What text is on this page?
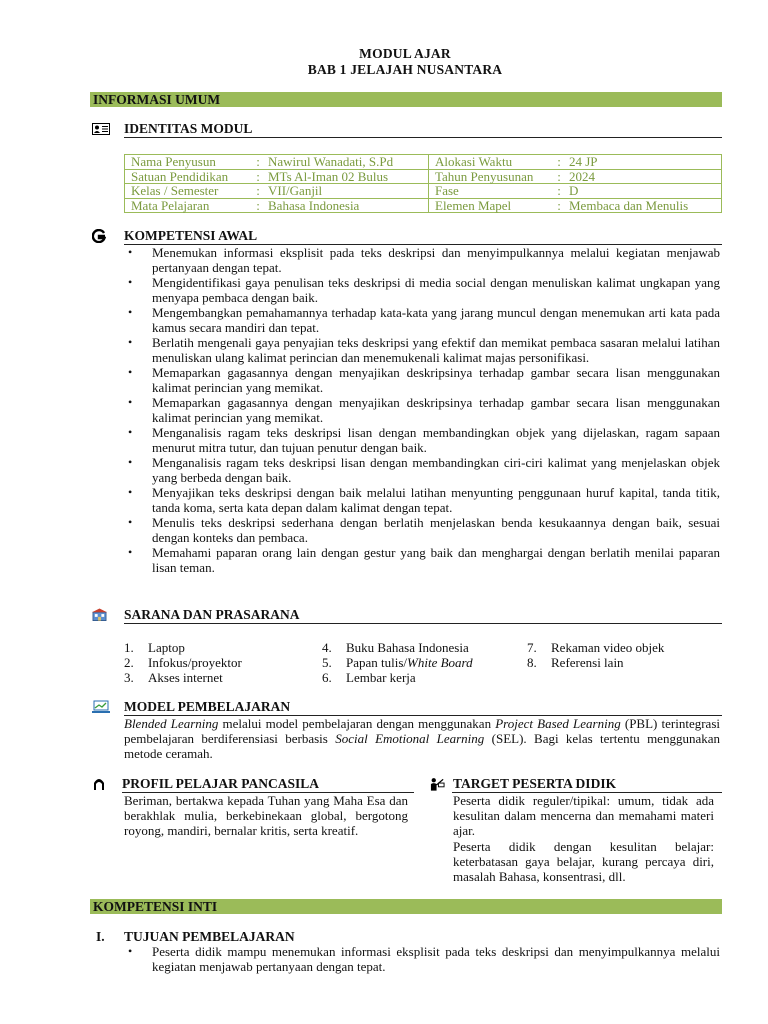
MODUL AJAR
BAB 1 JELAJAH NUSANTARA
INFORMASI UMUM
IDENTITAS MODUL
Nama Penyusun	:	Nawirul Wanadati, S.Pd	Alokasi Waktu	:	24 JP
Satuan Pendidikan	:	MTs Al-Iman 02 Bulus	Tahun Penyusunan	:	2024
Kelas / Semester	:	VII/Ganjil	Fase	:	D
Mata Pelajaran	:	Bahasa Indonesia	Elemen Mapel	:	Membaca dan Menulis
KOMPETENSI AWAL
• Menemukan informasi eksplisit pada teks deskripsi dan menyimpulkannya melalui kegiatan menjawab pertanyaan dengan tepat.
• Mengidentifikasi gaya penulisan teks deskripsi di media social dengan menuliskan kalimat ungkapan yang menyapa pembaca dengan baik.
• Mengembangkan pemahamannya terhadap kata-kata yang jarang muncul dengan menemukan arti kata pada kamus secara mandiri dan tepat.
• Berlatih mengenali gaya penyajian teks deskripsi yang efektif dan memikat pembaca sasaran melalui latihan menuliskan ulang kalimat perincian dan menemukenali kalimat majas personifikasi.
• Memaparkan gagasannya dengan menyajikan deskripsinya terhadap gambar secara lisan menggunakan kalimat perincian yang memikat.
• Memaparkan gagasannya dengan menyajikan deskripsinya terhadap gambar secara lisan menggunakan kalimat perincian yang memikat.
• Menganalisis ragam teks deskripsi lisan dengan membandingkan objek yang dijelaskan, ragam sapaan menurut mitra tutur, dan tujuan penutur dengan baik.
• Menganalisis ragam teks deskripsi lisan dengan membandingkan ciri-ciri kalimat yang menjelaskan objek yang berbeda dengan baik.
• Menyajikan teks deskripsi dengan baik melalui latihan menyunting penggunaan huruf kapital, tanda titik, tanda koma, serta kata depan dalam kalimat dengan tepat.
• Menulis teks deskripsi sederhana dengan berlatih menjelaskan benda kesukaannya dengan baik, sesuai dengan konteks dan pembaca.
• Memahami paparan orang lain dengan gestur yang baik dan menghargai dengan berlatih menilai paparan lisan teman.
SARANA DAN PRASARANA
1. Laptop
2. Infokus/proyektor
3. Akses internet
4. Buku Bahasa Indonesia
5. Papan tulis/White Board
6. Lembar kerja
7. Rekaman video objek
8. Referensi lain
MODEL PEMBELAJARAN
Blended Learning melalui model pembelajaran dengan menggunakan Project Based Learning (PBL) terintegrasi pembelajaran berdiferensiasi berbasis Social Emotional Learning (SEL). Bagi kelas tertentu menggunakan metode ceramah.
PROFIL PELAJAR PANCASILA
Beriman, bertakwa kepada Tuhan yang Maha Esa dan berakhlak mulia, berkebinekaan global, bergotong royong, mandiri, bernalar kritis, serta kreatif.
TARGET PESERTA DIDIK
Peserta didik reguler/tipikal: umum, tidak ada kesulitan dalam mencerna dan memahami materi ajar.
Peserta didik dengan kesulitan belajar: keterbatasan gaya belajar, kurang percaya diri, masalah Bahasa, konsentrasi, dll.
KOMPETENSI INTI
I. TUJUAN PEMBELAJARAN
• Peserta didik mampu menemukan informasi eksplisit pada teks deskripsi dan menyimpulkannya melalui kegiatan menjawab pertanyaan dengan tepat.
